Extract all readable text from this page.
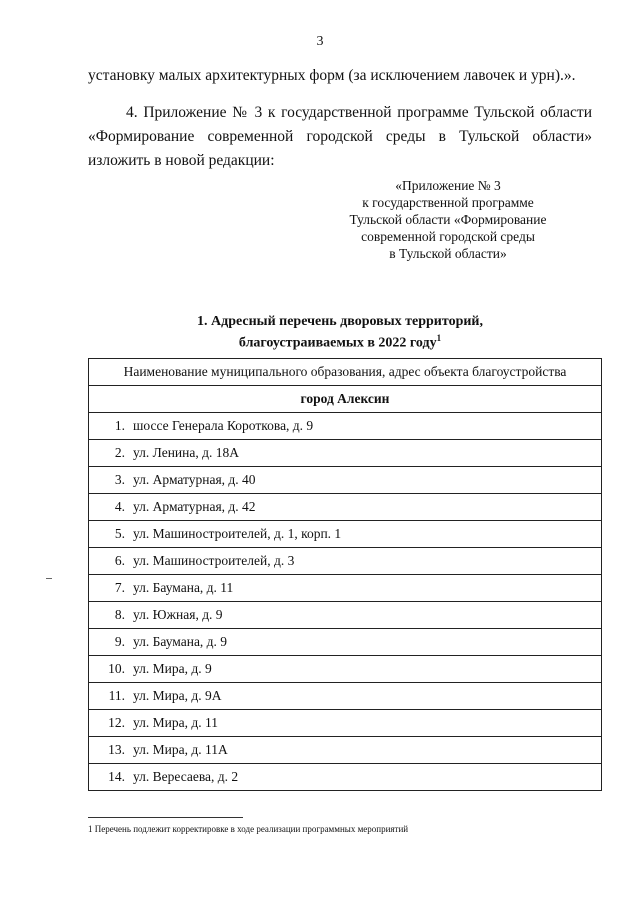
3

установку малых архитектурных форм (за исключением лавочек и урн).».

4. Приложение № 3 к государственной программе Тульской области «Формирование современной городской среды в Тульской области» изложить в новой редакции:

«Приложение № 3
к государственной программе
Тульской области «Формирование
современной городской среды
в Тульской области»
1. Адресный перечень дворовых территорий,
благоустраиваемых в 2022 году$^1$
Наименование муниципального образования, адрес объекта благоустройства
город Алексин
1. шоссе Генерала Короткова, д. 9
2. ул. Ленина, д. 18А
3. ул. Арматурная, д. 40
4. ул. Арматурная, д. 42
5. ул. Машиностроителей, д. 1, корп. 1
6. ул. Машиностроителей, д. 3
7. ул. Баумана, д. 11
8. ул. Южная, д. 9
9. ул. Баумана, д. 9
10. ул. Мира, д. 9
11. ул. Мира, д. 9А
12. ул. Мира, д. 11
13. ул. Мира, д. 11А
14. ул. Вересаева, д. 2
1 Перечень подлежит корректировке в ходе реализации программных мероприятий
